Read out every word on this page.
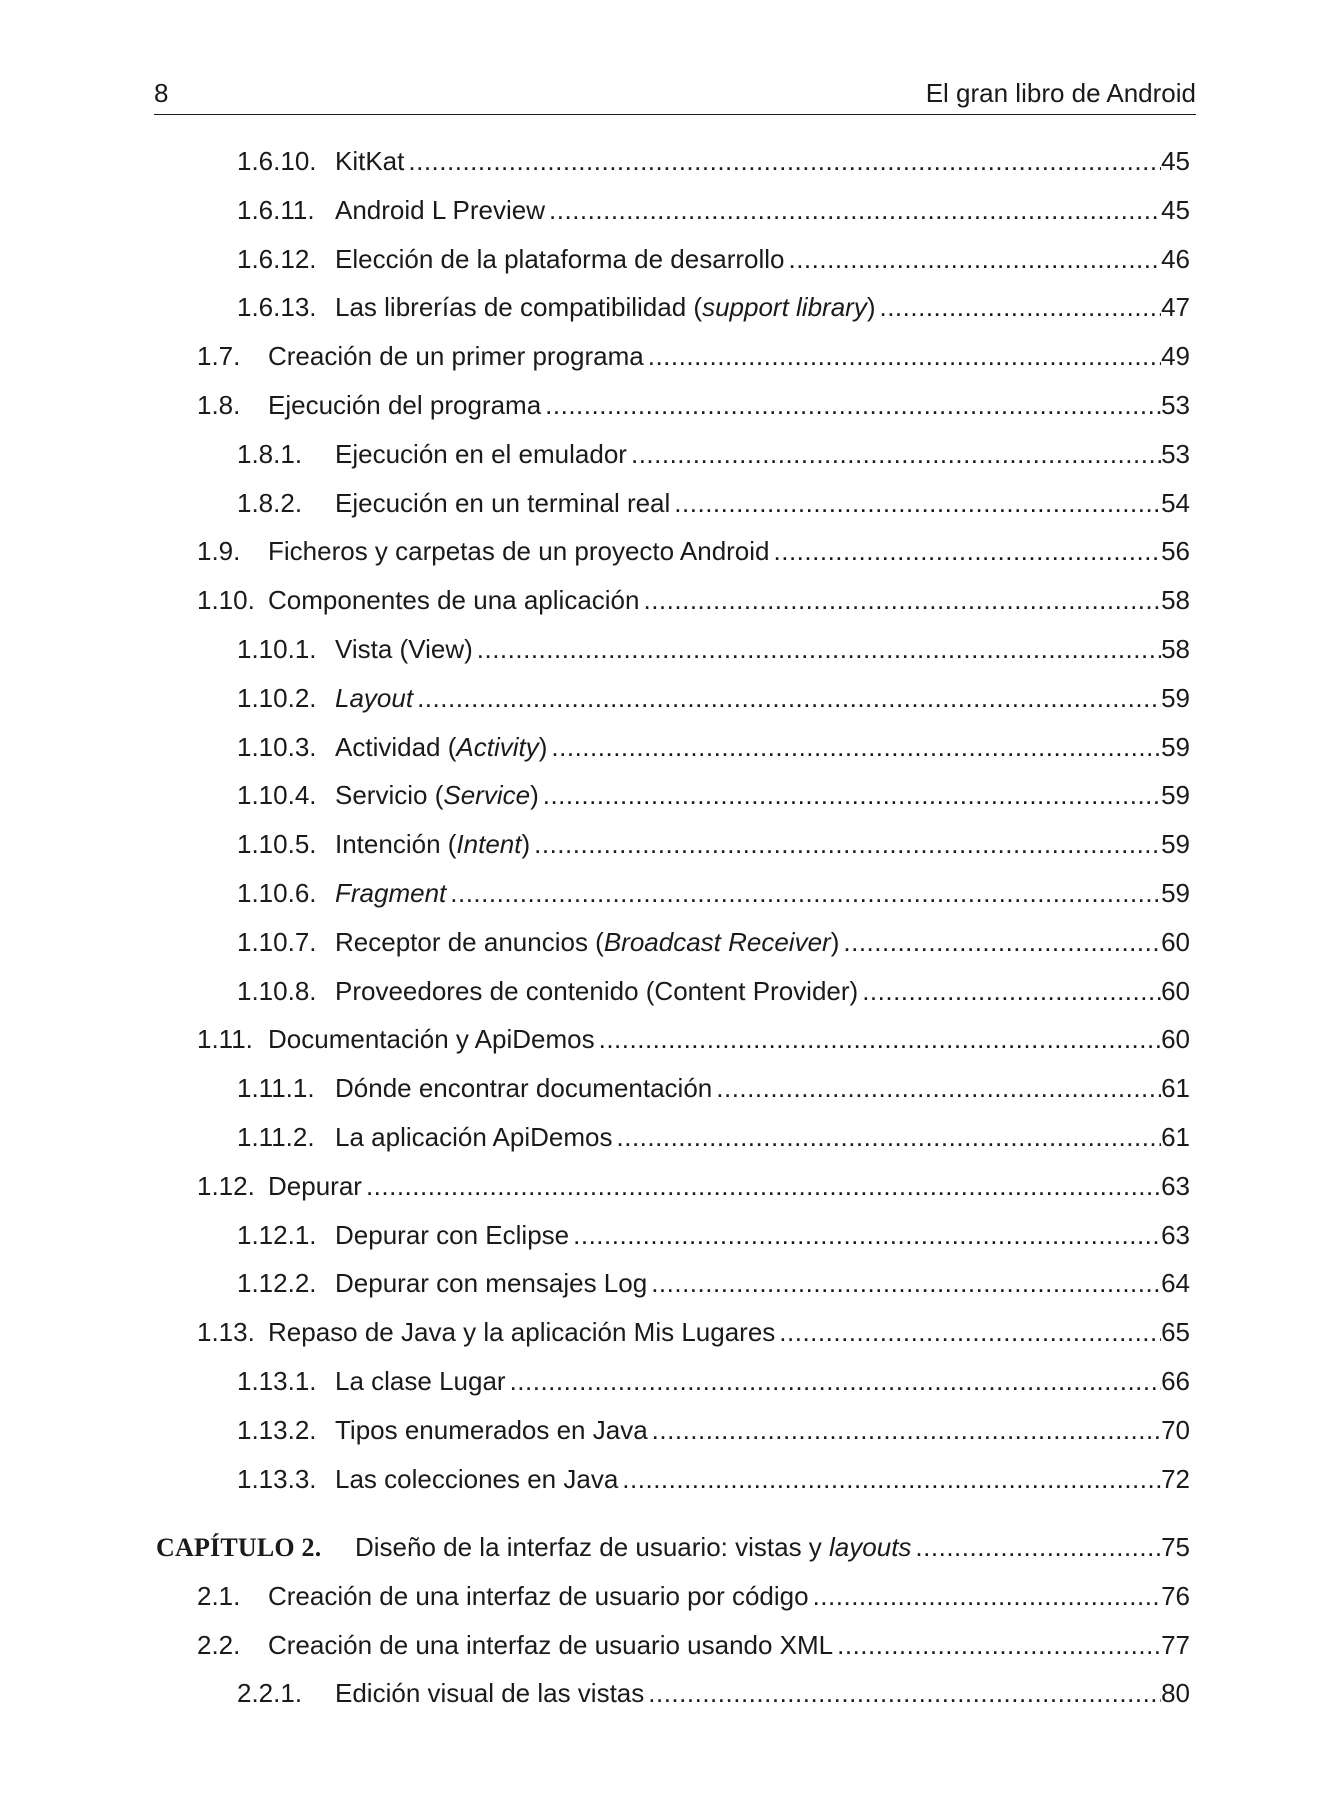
8	El gran libro de Android
1.6.10. KitKat .....	45
1.6.11. Android L Preview .....	45
1.6.12. Elección de la plataforma de desarrollo .....	46
1.6.13. Las librerías de compatibilidad (support library) .....	47
1.7.	Creación de un primer programa .....	49
1.8.	Ejecución del programa .....	53
1.8.1.	Ejecución en el emulador .....	53
1.8.2.	Ejecución en un terminal real .....	54
1.9.	Ficheros y carpetas de un proyecto Android .....	56
1.10. Componentes de una aplicación .....	58
1.10.1. Vista (View) .....	58
1.10.2. Layout .....	59
1.10.3. Actividad (Activity) .....	59
1.10.4. Servicio (Service) .....	59
1.10.5. Intención (Intent) .....	59
1.10.6. Fragment .....	59
1.10.7. Receptor de anuncios (Broadcast Receiver) .....	60
1.10.8. Proveedores de contenido (Content Provider) .....	60
1.11. Documentación y ApiDemos .....	60
1.11.1. Dónde encontrar documentación .....	61
1.11.2. La aplicación ApiDemos .....	61
1.12. Depurar .....	63
1.12.1. Depurar con Eclipse .....	63
1.12.2. Depurar con mensajes Log .....	64
1.13. Repaso de Java y la aplicación Mis Lugares .....	65
1.13.1. La clase Lugar .....	66
1.13.2. Tipos enumerados en Java .....	70
1.13.3. Las colecciones en Java .....	72
CAPÍTULO 2.	Diseño de la interfaz de usuario: vistas y layouts .....	75
2.1.	Creación de una interfaz de usuario por código .....	76
2.2.	Creación de una interfaz de usuario usando XML .....	77
2.2.1.	Edición visual de las vistas .....	80
